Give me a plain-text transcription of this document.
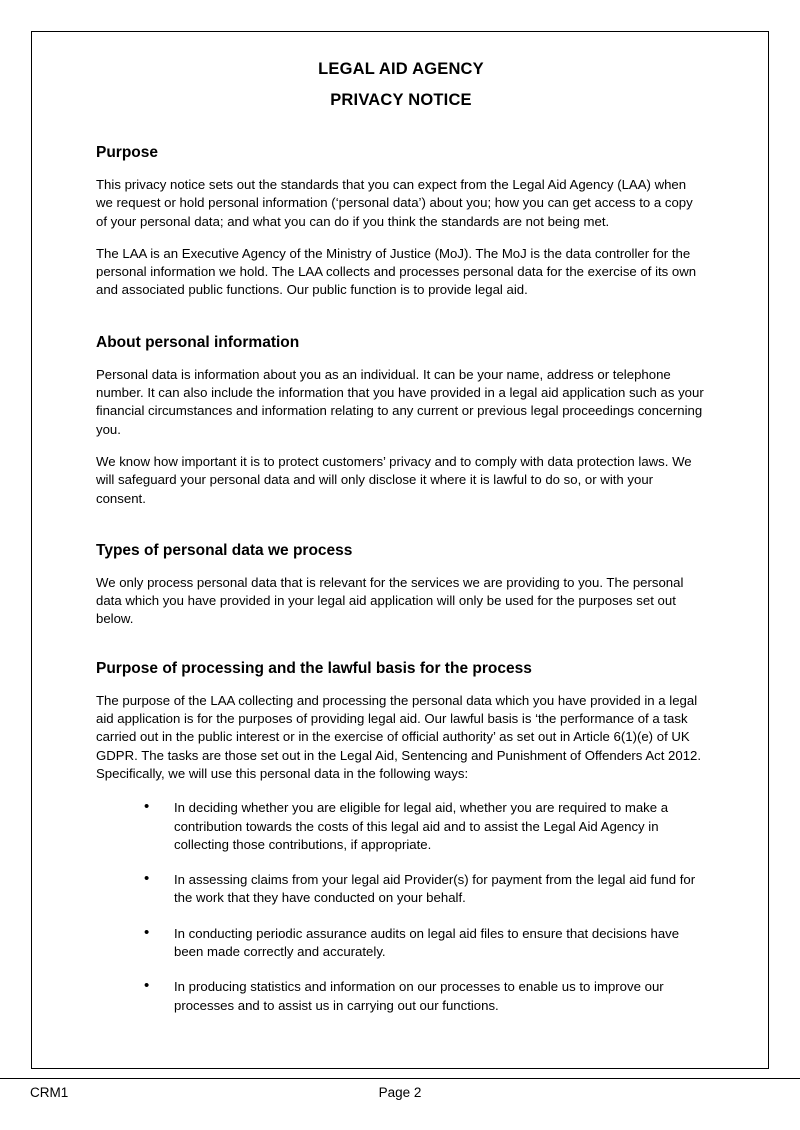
LEGAL AID AGENCY
PRIVACY NOTICE
Purpose

This privacy notice sets out the standards that you can expect from the Legal Aid Agency (LAA) when we request or hold personal information (‘personal data’) about you; how you can get access to a copy of your personal data; and what you can do if you think the standards are not being met.

The LAA is an Executive Agency of the Ministry of Justice (MoJ). The MoJ is the data controller for the personal information we hold. The LAA collects and processes personal data for the exercise of its own and associated public functions. Our public function is to provide legal aid.

About personal information

Personal data is information about you as an individual. It can be your name, address or telephone number. It can also include the information that you have provided in a legal aid application such as your financial circumstances and information relating to any current or previous legal proceedings concerning you.

We know how important it is to protect customers’ privacy and to comply with data protection laws. We will safeguard your personal data and will only disclose it where it is lawful to do so, or with your consent.

Types of personal data we process

We only process personal data that is relevant for the services we are providing to you. The personal data which you have provided in your legal aid application will only be used for the purposes set out below.

Purpose of processing and the lawful basis for the process

The purpose of the LAA collecting and processing the personal data which you have provided in a legal aid application is for the purposes of providing legal aid. Our lawful basis is ‘the performance of a task carried out in the public interest or in the exercise of official authority’ as set out in Article 6(1)(e) of UK GDPR. The tasks are those set out in the Legal Aid, Sentencing and Punishment of Offenders Act 2012. Specifically, we will use this personal data in the following ways:

• In deciding whether you are eligible for legal aid, whether you are required to make a contribution towards the costs of this legal aid and to assist the Legal Aid Agency in collecting those contributions, if appropriate.
• In assessing claims from your legal aid Provider(s) for payment from the legal aid fund for the work that they have conducted on your behalf.
• In conducting periodic assurance audits on legal aid files to ensure that decisions have been made correctly and accurately.
• In producing statistics and information on our processes to enable us to improve our processes and to assist us in carrying out our functions.
CRM1	Page 2
